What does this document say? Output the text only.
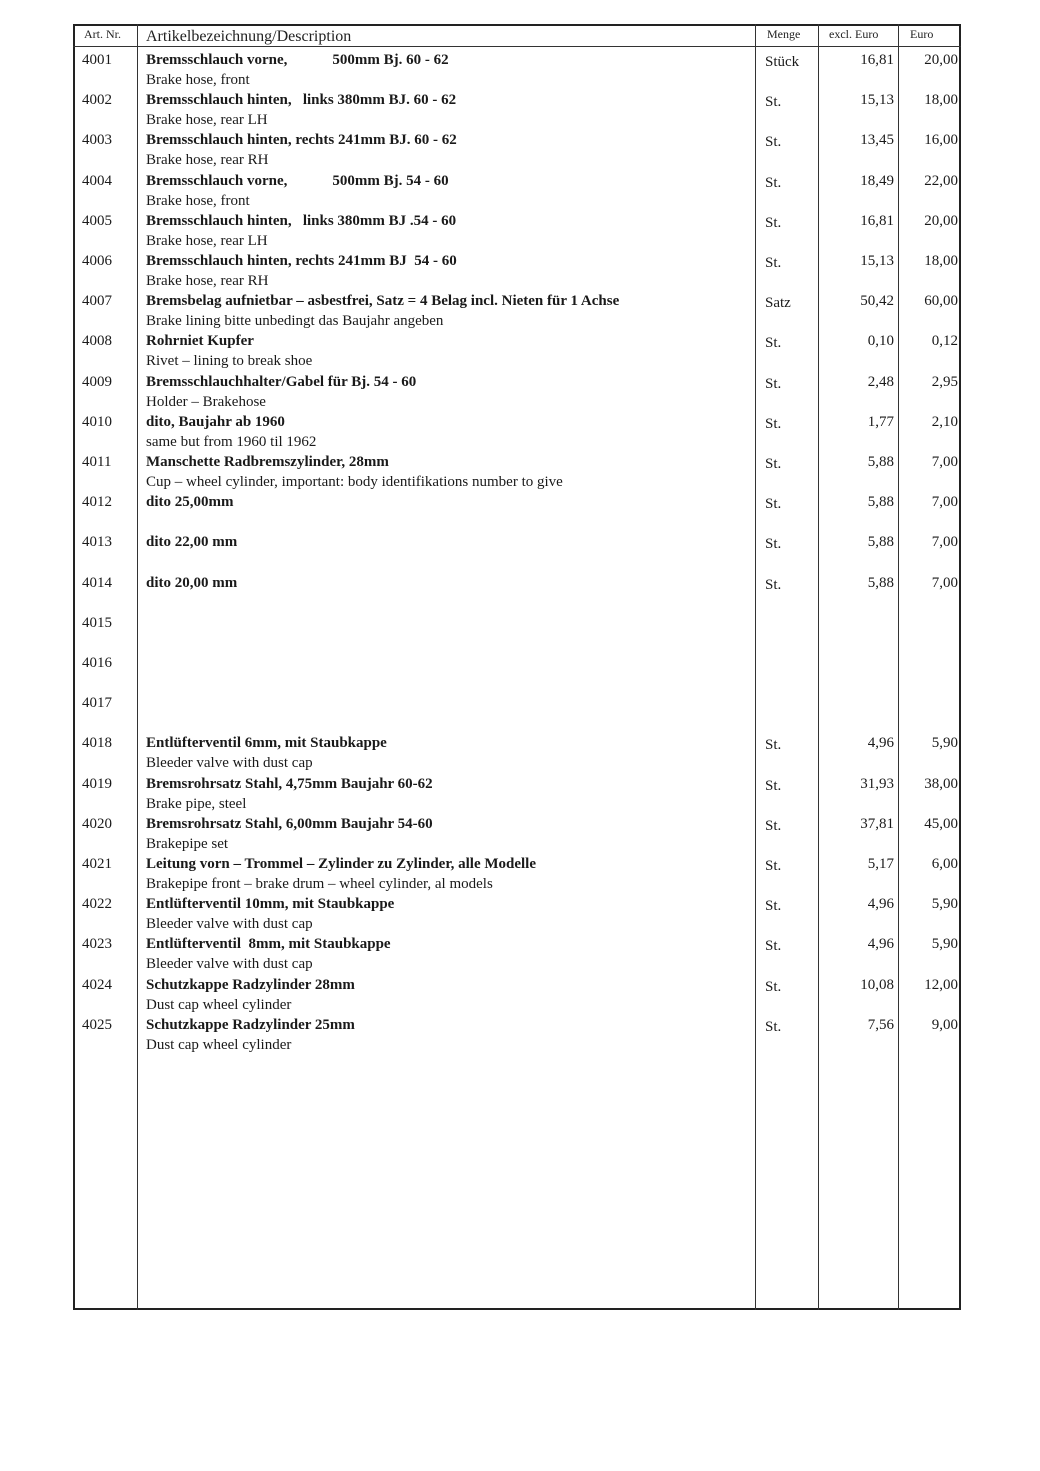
Art. Nr. Artikelbezeichnung/Description	Menge excl. Euro	Euro
4001 Bremsschlauch vorne,            500mm Bj. 60 - 62
Brake hose, front
Stück	16,81	20,00
4002 Bremsschlauch hinten,   links 380mm BJ. 60 - 62
Brake hose, rear LH
St.	15,13	18,00
4003 Bremsschlauch hinten, rechts 241mm BJ. 60 - 62
Brake hose, rear RH
St.	13,45	16,00
4004 Bremsschlauch vorne,            500mm Bj. 54 - 60
Brake hose, front
St.	18,49	22,00
4005 Bremsschlauch hinten,   links 380mm BJ .54 - 60
Brake hose, rear LH
St.	16,81	20,00
4006 Bremsschlauch hinten, rechts 241mm BJ  54 - 60
Brake hose, rear RH
St.	15,13	18,00
4007 Bremsbelag aufnietbar – asbestfrei, Satz = 4 Belag incl. Nieten für 1 Achse
Brake lining bitte unbedingt das Baujahr angeben
Satz	50,42	60,00
4008 Rohrniet Kupfer
Rivet – lining to break shoe
St.	0,10	0,12
4009 Bremsschlauchhalter/Gabel für Bj. 54 - 60
Holder – Brakehose
St.	2,48	2,95
4010 dito, Baujahr ab 1960
same but from 1960 til 1962
St.	1,77	2,10
4011 Manschette Radbremszylinder, 28mm
Cup – wheel cylinder, important: body identifikations number to give
St.	5,88	7,00
4012 dito 25,00mm	St.	5,88	7,00
4013 dito 22,00 mm	St.	5,88	7,00
4014 dito 20,00 mm	St.	5,88	7,00
4015
4016
4017
4018 Entlüfterventil 6mm, mit Staubkappe
Bleeder valve with dust cap
St.	4,96	5,90
4019 Bremsrohrsatz Stahl, 4,75mm Baujahr 60-62
Brake pipe, steel
St.	31,93	38,00
4020 Bremsrohrsatz Stahl, 6,00mm Baujahr 54-60
Brakepipe set
St.	37,81	45,00
4021 Leitung vorn – Trommel – Zylinder zu Zylinder, alle Modelle
Brakepipe front – brake drum – wheel cylinder, al models
St.	5,17	6,00
4022 Entlüfterventil 10mm, mit Staubkappe
Bleeder valve with dust cap
St.	4,96	5,90
4023 Entlüfterventil  8mm, mit Staubkappe
Bleeder valve with dust cap
St.	4,96	5,90
4024 Schutzkappe Radzylinder 28mm
Dust cap wheel cylinder
St.	10,08	12,00
4025 Schutzkappe Radzylinder 25mm
Dust cap wheel cylinder
St.	7,56	9,00
